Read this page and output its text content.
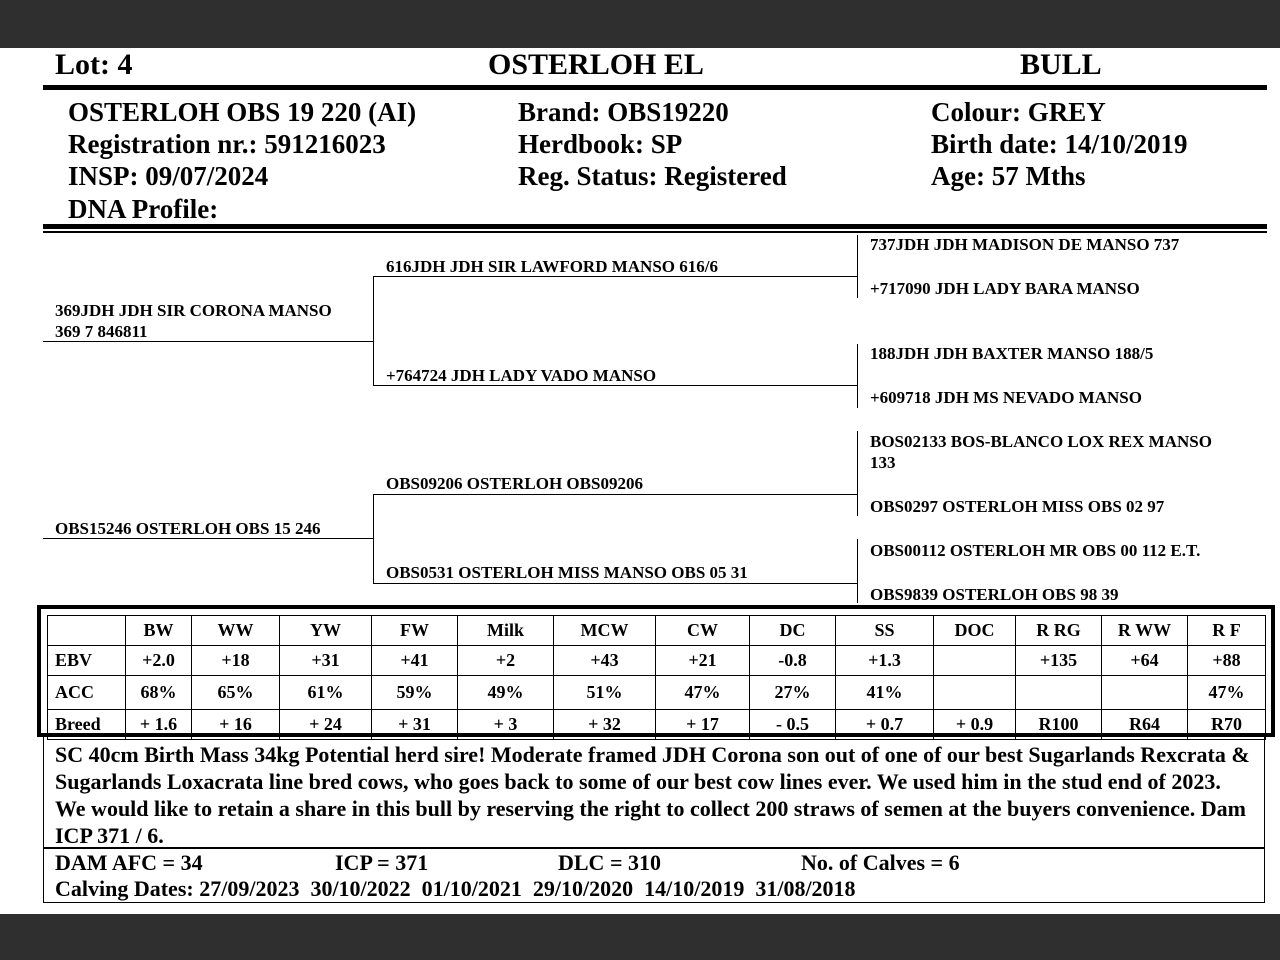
Lot: 4	OSTERLOH EL	BULL
OSTERLOH OBS 19 220 (AI)
Registration nr.: 591216023
INSP: 09/07/2024
DNA Profile:
Brand: OBS19220
Herdbook: SP
Reg. Status: Registered
Colour: GREY
Birth date: 14/10/2019
Age: 57 Mths
369JDH JDH SIR CORONA MANSO
369 7 846811
OBS15246 OSTERLOH OBS 15 246
616JDH JDH SIR LAWFORD MANSO 616/6
+764724 JDH LADY VADO MANSO
OBS09206 OSTERLOH OBS09206
OBS0531 OSTERLOH MISS MANSO OBS 05 31
737JDH JDH MADISON DE MANSO 737
+717090 JDH LADY BARA MANSO
188JDH JDH BAXTER MANSO 188/5
+609718 JDH MS NEVADO MANSO
BOS02133 BOS-BLANCO LOX REX MANSO
133
OBS0297 OSTERLOH MISS OBS 02 97
OBS00112 OSTERLOH MR OBS 00 112 E.T.
OBS9839 OSTERLOH OBS 98 39
	BW	WW	YW	FW	Milk	MCW	CW	DC	SS	DOC	R RG	R WW	R F
EBV	+2.0	+18	+31	+41	+2	+43	+21	-0.8	+1.3		+135	+64	+88
ACC	68%	65%	61%	59%	49%	51%	47%	27%	41%				47%
Breed	+ 1.6	+ 16	+ 24	+ 31	+ 3	+ 32	+ 17	- 0.5	+ 0.7	+ 0.9	R100	R64	R70
SC 40cm Birth Mass 34kg Potential herd sire! Moderate framed JDH Corona son out of one of our best Sugarlands Rexcrata & Sugarlands Loxacrata line bred cows, who goes back to some of our best cow lines ever. We used him in the stud end of 2023. We would like to retain a share in this bull by reserving the right to collect 200 straws of semen at the buyers convenience. Dam ICP 371 / 6.
DAM AFC = 34	ICP = 371	DLC = 310	No. of Calves = 6
Calving Dates: 27/09/2023  30/10/2022  01/10/2021  29/10/2020  14/10/2019  31/08/2018
